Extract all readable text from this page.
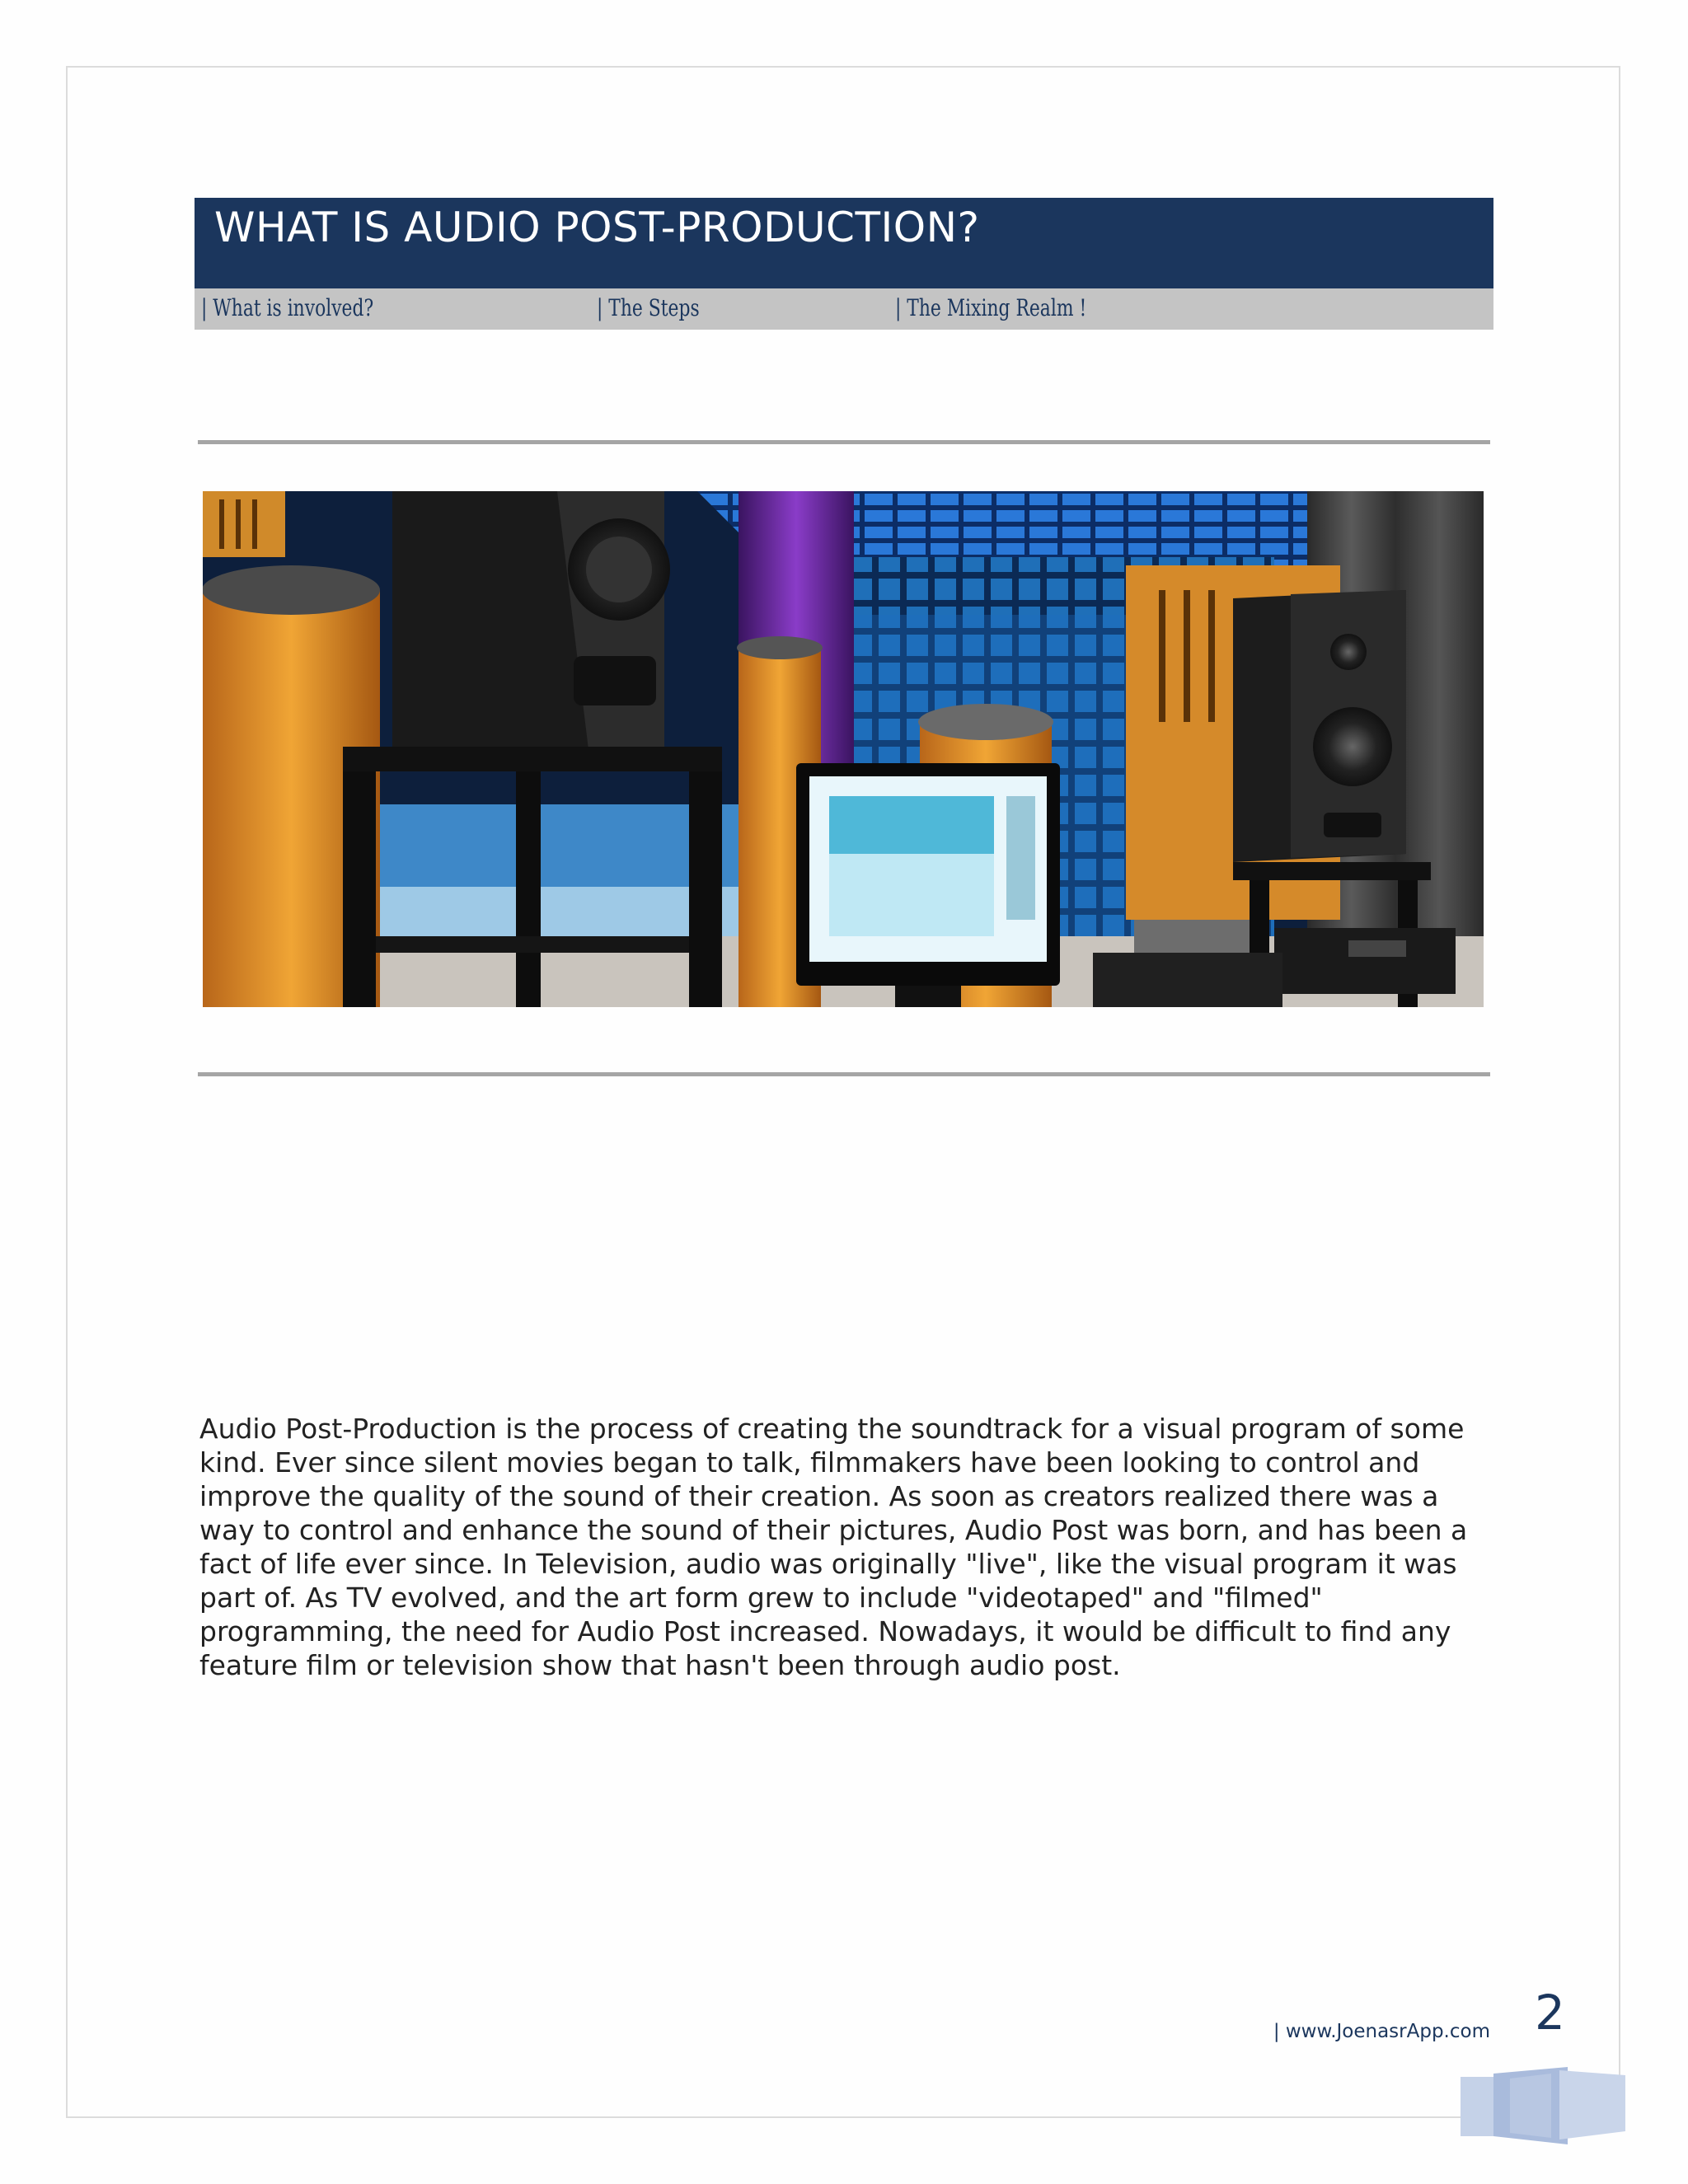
WHAT IS AUDIO POST-PRODUCTION?
| What is involved?	| The Steps	| The Mixing Realm !

Audio Post-Production is the process of creating the soundtrack for a visual program of some kind. Ever since silent movies began to talk, filmmakers have been looking to control and improve the quality of the sound of their creation. As soon as creators realized there was a way to control and enhance the sound of their pictures, Audio Post was born, and has been a fact of life ever since. In Television, audio was originally "live", like the visual program it was part of. As TV evolved, and the art form grew to include "videotaped" and "filmed" programming, the need for Audio Post increased. Nowadays, it would be difficult to find any feature film or television show that hasn't been through audio post.

| www.JoenasrApp.com 2
